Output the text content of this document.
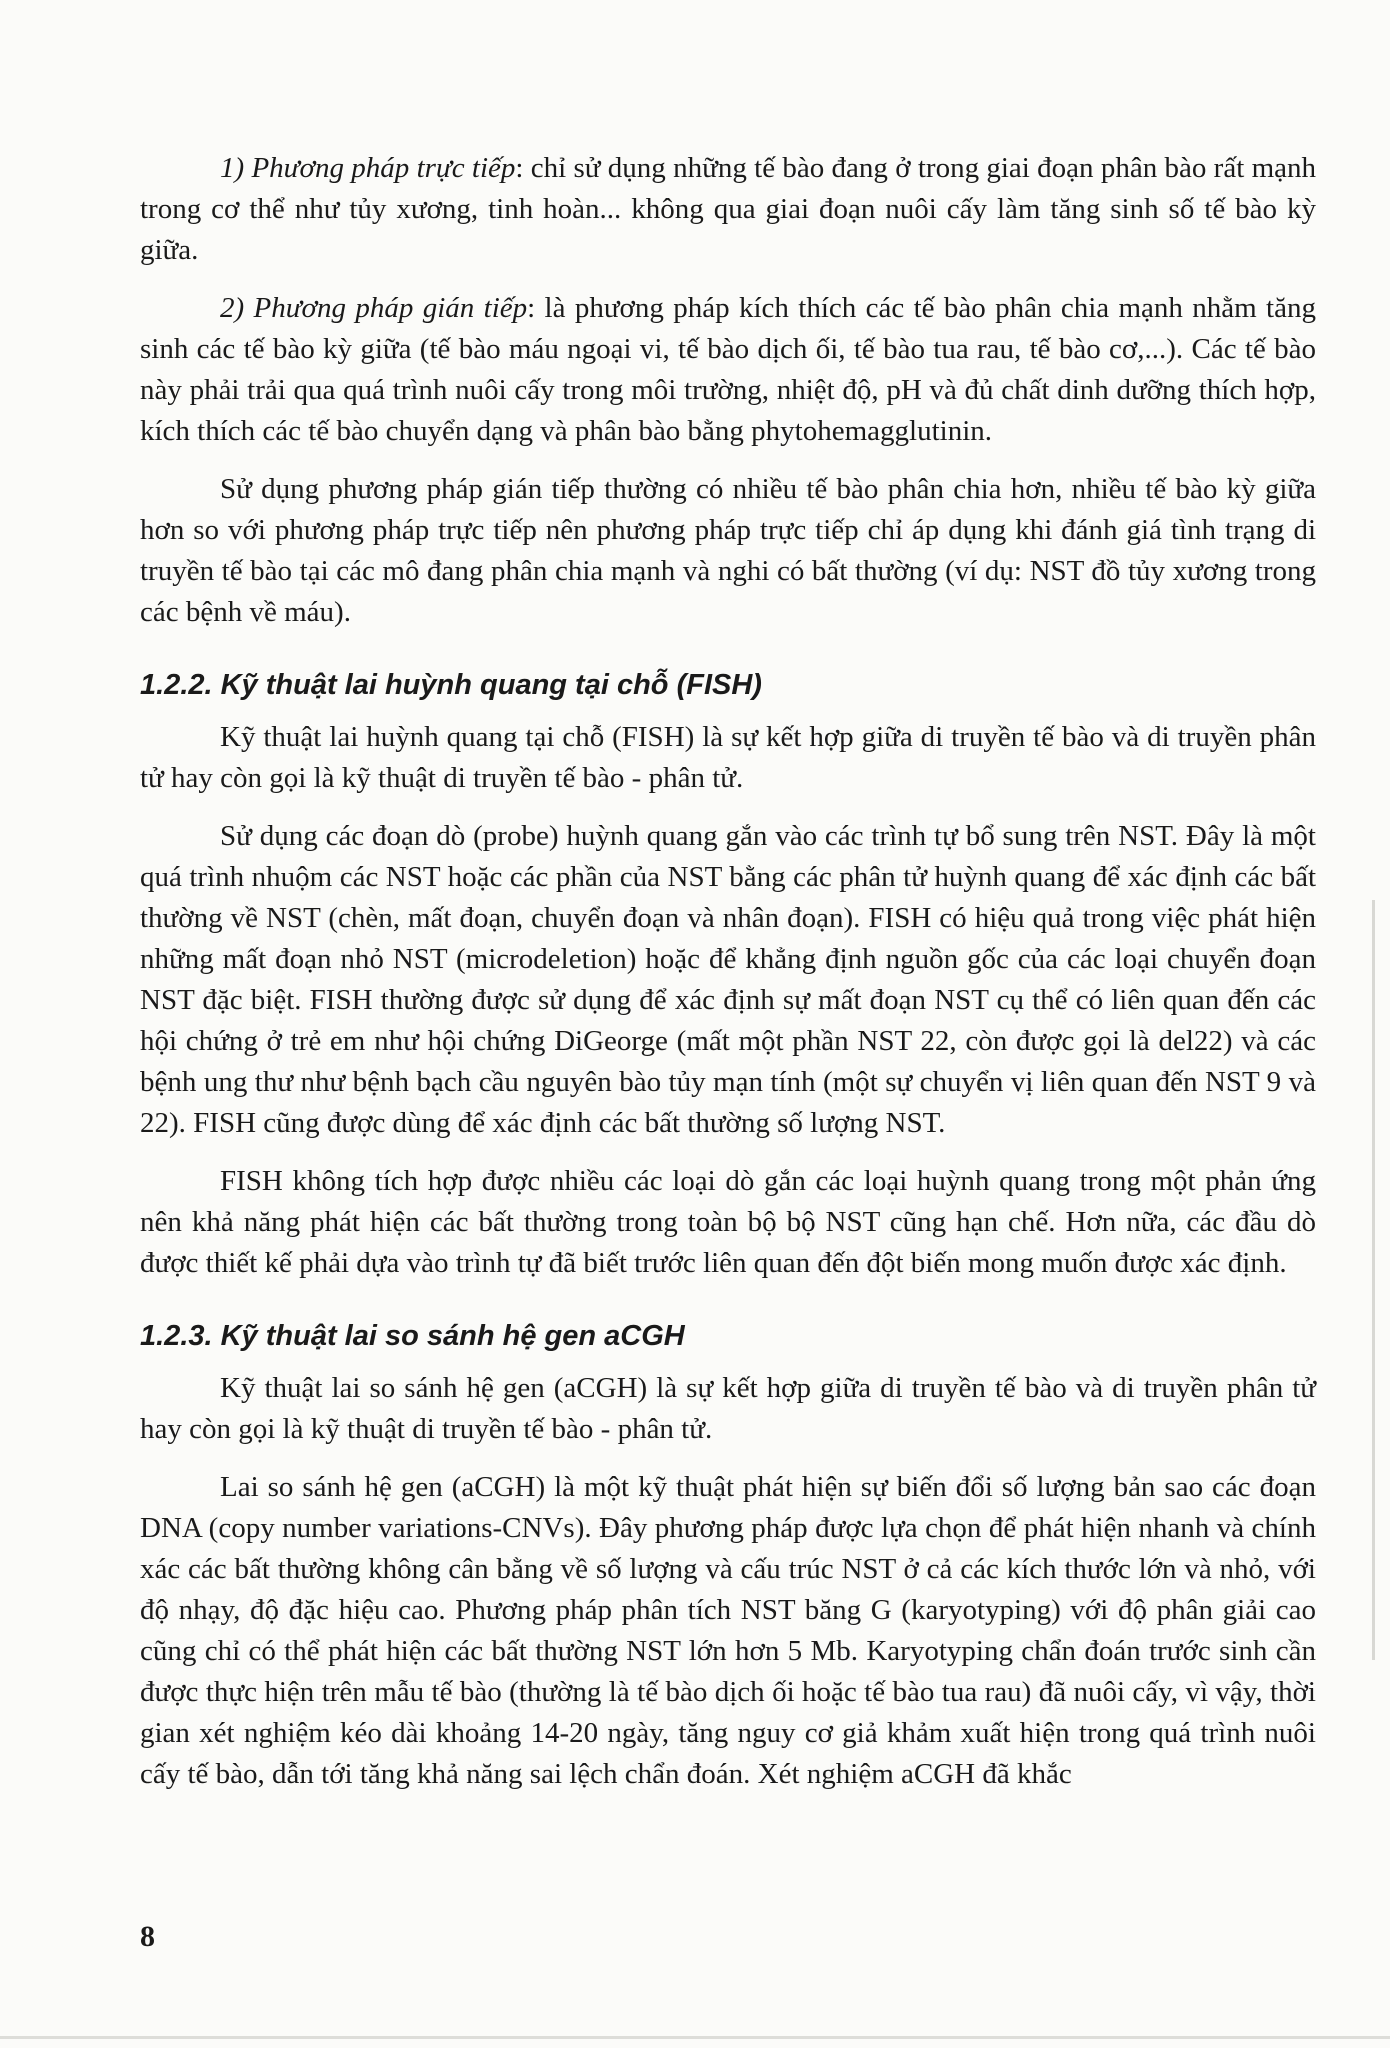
1) Phương pháp trực tiếp: chỉ sử dụng những tế bào đang ở trong giai đoạn phân bào rất mạnh trong cơ thể như tủy xương, tinh hoàn... không qua giai đoạn nuôi cấy làm tăng sinh số tế bào kỳ giữa.

2) Phương pháp gián tiếp: là phương pháp kích thích các tế bào phân chia mạnh nhằm tăng sinh các tế bào kỳ giữa (tế bào máu ngoại vi, tế bào dịch ối, tế bào tua rau, tế bào cơ,...). Các tế bào này phải trải qua quá trình nuôi cấy trong môi trường, nhiệt độ, pH và đủ chất dinh dưỡng thích hợp, kích thích các tế bào chuyển dạng và phân bào bằng phytohemagglutinin.

Sử dụng phương pháp gián tiếp thường có nhiều tế bào phân chia hơn, nhiều tế bào kỳ giữa hơn so với phương pháp trực tiếp nên phương pháp trực tiếp chỉ áp dụng khi đánh giá tình trạng di truyền tế bào tại các mô đang phân chia mạnh và nghi có bất thường (ví dụ: NST đồ tủy xương trong các bệnh về máu).

1.2.2. Kỹ thuật lai huỳnh quang tại chỗ (FISH)

Kỹ thuật lai huỳnh quang tại chỗ (FISH) là sự kết hợp giữa di truyền tế bào và di truyền phân tử hay còn gọi là kỹ thuật di truyền tế bào - phân tử.

Sử dụng các đoạn dò (probe) huỳnh quang gắn vào các trình tự bổ sung trên NST. Đây là một quá trình nhuộm các NST hoặc các phần của NST bằng các phân tử huỳnh quang để xác định các bất thường về NST (chèn, mất đoạn, chuyển đoạn và nhân đoạn). FISH có hiệu quả trong việc phát hiện những mất đoạn nhỏ NST (microdeletion) hoặc để khẳng định nguồn gốc của các loại chuyển đoạn NST đặc biệt. FISH thường được sử dụng để xác định sự mất đoạn NST cụ thể có liên quan đến các hội chứng ở trẻ em như hội chứng DiGeorge (mất một phần NST 22, còn được gọi là del22) và các bệnh ung thư như bệnh bạch cầu nguyên bào tủy mạn tính (một sự chuyển vị liên quan đến NST 9 và 22). FISH cũng được dùng để xác định các bất thường số lượng NST.

FISH không tích hợp được nhiều các loại dò gắn các loại huỳnh quang trong một phản ứng nên khả năng phát hiện các bất thường trong toàn bộ bộ NST cũng hạn chế. Hơn nữa, các đầu dò được thiết kế phải dựa vào trình tự đã biết trước liên quan đến đột biến mong muốn được xác định.

1.2.3. Kỹ thuật lai so sánh hệ gen aCGH

Kỹ thuật lai so sánh hệ gen (aCGH) là sự kết hợp giữa di truyền tế bào và di truyền phân tử hay còn gọi là kỹ thuật di truyền tế bào - phân tử.

Lai so sánh hệ gen (aCGH) là một kỹ thuật phát hiện sự biến đổi số lượng bản sao các đoạn DNA (copy number variations-CNVs). Đây phương pháp được lựa chọn để phát hiện nhanh và chính xác các bất thường không cân bằng về số lượng và cấu trúc NST ở cả các kích thước lớn và nhỏ, với độ nhạy, độ đặc hiệu cao. Phương pháp phân tích NST băng G (karyotyping) với độ phân giải cao cũng chỉ có thể phát hiện các bất thường NST lớn hơn 5 Mb. Karyotyping chẩn đoán trước sinh cần được thực hiện trên mẫu tế bào (thường là tế bào dịch ối hoặc tế bào tua rau) đã nuôi cấy, vì vậy, thời gian xét nghiệm kéo dài khoảng 14-20 ngày, tăng nguy cơ giả khảm xuất hiện trong quá trình nuôi cấy tế bào, dẫn tới tăng khả năng sai lệch chẩn đoán. Xét nghiệm aCGH đã khắc

8
